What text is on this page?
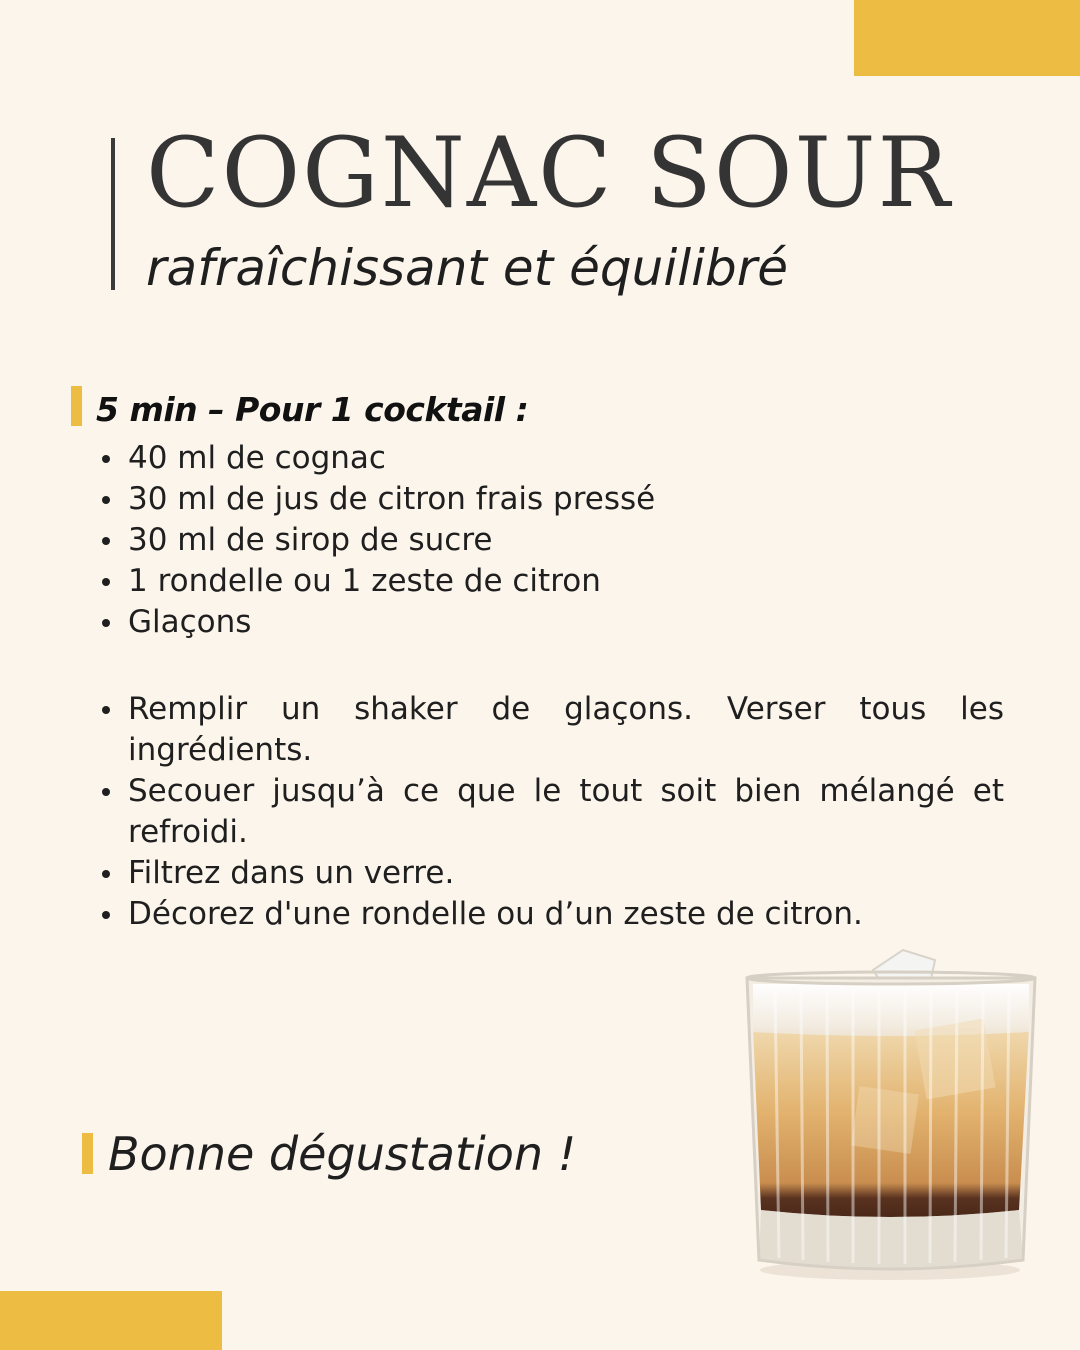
COGNAC SOUR

rafraîchissant et équilibré

5 min – Pour 1 cocktail :

40 ml de cognac
30 ml de jus de citron frais pressé
30 ml de sirop de sucre
1 rondelle ou 1 zeste de citron
Glaçons
Remplir un shaker de glaçons. Verser tous les ingrédients.
Secouer jusqu’à ce que le tout soit bien mélangé et refroidi.
Filtrez dans un verre.
Décorez d'une rondelle ou d’un zeste de citron.

Bonne dégustation !
